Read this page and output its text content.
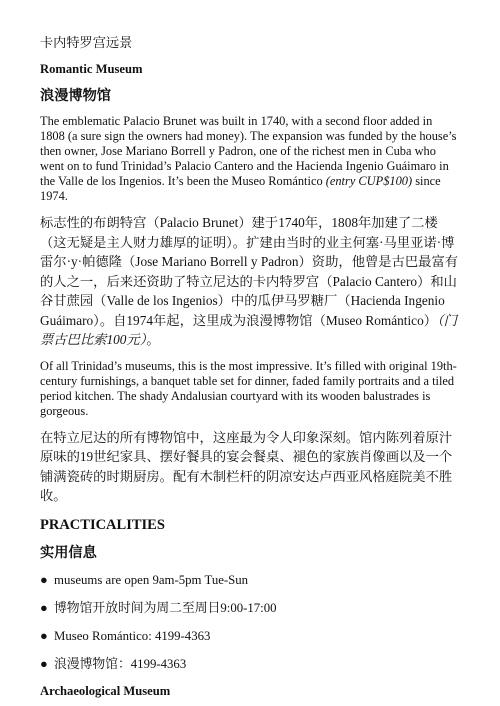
卡内特罗宫远景

Romantic Museum

浪漫博物馆

The emblematic Palacio Brunet was built in 1740, with a second floor added in 1808 (a sure sign the owners had money). The expansion was funded by the house’s then owner, Jose Mariano Borrell y Padron, one of the richest men in Cuba who went on to fund Trinidad’s Palacio Cantero and the Hacienda Ingenio Guáimaro in the Valle de los Ingenios. It’s been the Museo Romántico (entry CUP$100) since 1974.

标志性的布朗特宫（Palacio Brunet）建于1740年，1808年加建了二楼（这无疑是主人财力雄厚的证明）。扩建由当时的业主何塞·马里亚诺·博雷尔·y·帕德隆（Jose Mariano Borrell y Padron）资助，他曾是古巴最富有的人之一，后来还资助了特立尼达的卡内特罗宫（Palacio Cantero）和山谷甘蔗园（Valle de los Ingenios）中的瓜伊马罗糖厂（Hacienda Ingenio Guáimaro）。自1974年起，这里成为浪漫博物馆（Museo Romántico）（门票古巴比索100元）。

Of all Trinidad’s museums, this is the most impressive. It’s filled with original 19th-century furnishings, a banquet table set for dinner, faded family portraits and a tiled period kitchen. The shady Andalusian courtyard with its wooden balustrades is gorgeous.

在特立尼达的所有博物馆中，这座最为令人印象深刻。馆内陈列着原汁原味的19世纪家具、摆好餐具的宴会餐桌、褪色的家族肖像画以及一个铺满瓷砖的时期厨房。配有木制栏杆的阴凉安达卢西亚风格庭院美不胜收。

PRACTICALITIES

实用信息

● museums are open 9am-5pm Tue-Sun

● 博物馆开放时间为周二至周日9:00-17:00

● Museo Romántico: 4199-4363

● 浪漫博物馆：4199-4363

Archaeological Museum
